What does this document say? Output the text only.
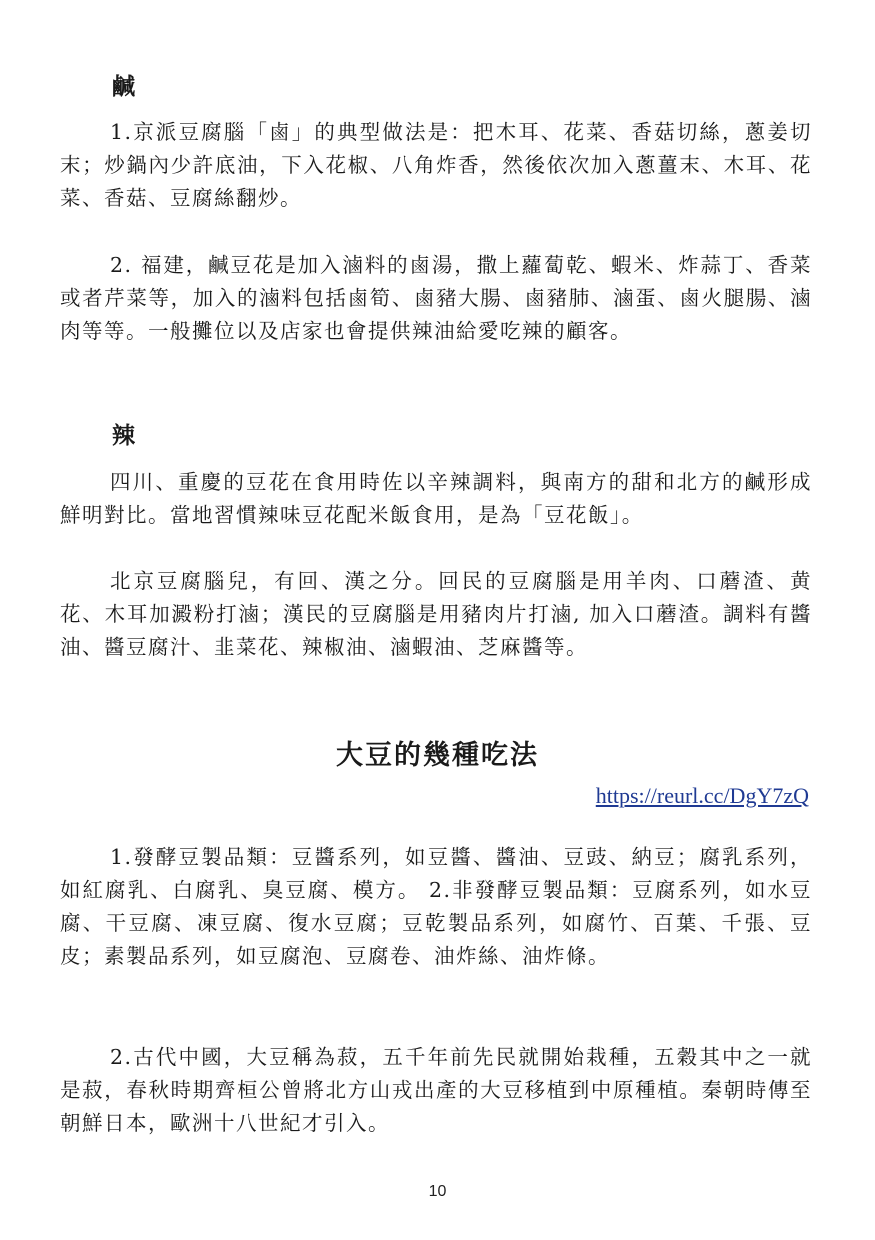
鹹

1.京派豆腐腦「鹵」的典型做法是：把木耳、花菜、香菇切絲，蔥姜切末；炒鍋內少許底油，下入花椒、八角炸香，然後依次加入蔥薑末、木耳、花菜、香菇、豆腐絲翻炒。

2. 福建，鹹豆花是加入滷料的鹵湯，撒上蘿蔔乾、蝦米、炸蒜丁、香菜或者芹菜等，加入的滷料包括鹵筍、鹵豬大腸、鹵豬肺、滷蛋、鹵火腿腸、滷肉等等。一般攤位以及店家也會提供辣油給愛吃辣的顧客。

辣

四川、重慶的豆花在食用時佐以辛辣調料，與南方的甜和北方的鹹形成鮮明對比。當地習慣辣味豆花配米飯食用，是為「豆花飯」。

北京豆腐腦兒，有回、漢之分。回民的豆腐腦是用羊肉、口蘑渣、黄花、木耳加澱粉打滷；漢民的豆腐腦是用豬肉片打滷, 加入口蘑渣。調料有醬油、醬豆腐汁、韭菜花、辣椒油、滷蝦油、芝麻醬等。

大豆的幾種吃法
https://reurl.cc/DgY7zQ

1.發酵豆製品類：豆醬系列，如豆醬、醬油、豆豉、納豆；腐乳系列，如紅腐乳、白腐乳、臭豆腐、模方。 2.非發酵豆製品類：豆腐系列，如水豆腐、干豆腐、凍豆腐、復水豆腐；豆乾製品系列，如腐竹、百葉、千張、豆皮；素製品系列，如豆腐泡、豆腐卷、油炸絲、油炸條。

2.古代中國，大豆稱為菽，五千年前先民就開始栽種，五穀其中之一就是菽，春秋時期齊桓公曾將北方山戎出產的大豆移植到中原種植。秦朝時傳至朝鮮日本，歐洲十八世紀才引入。

10
